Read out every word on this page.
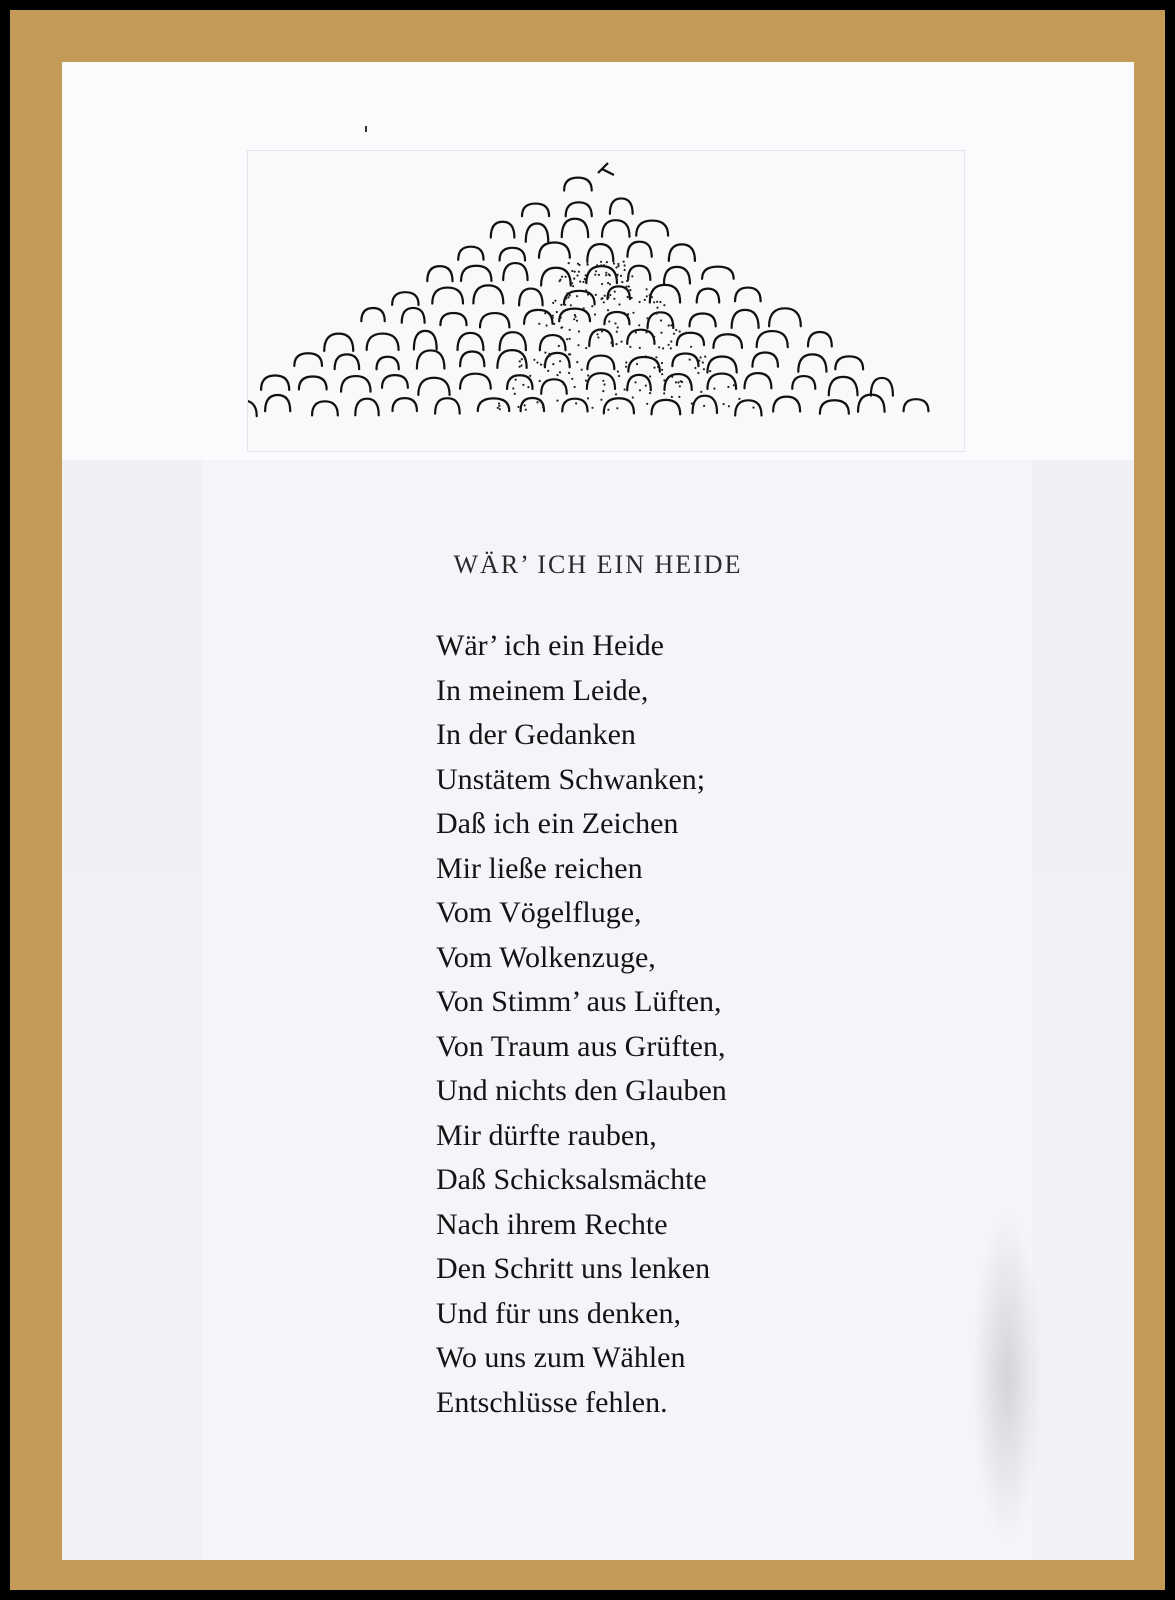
WÄR’ ICH EIN HEIDE
Wär’ ich ein Heide
In meinem Leide,
In der Gedanken
Unstätem Schwanken;
Daß ich ein Zeichen
Mir ließe reichen
Vom Vögelfluge,
Vom Wolkenzuge,
Von Stimm’ aus Lüften,
Von Traum aus Grüften,
Und nichts den Glauben
Mir dürfte rauben,
Daß Schicksalsmächte
Nach ihrem Rechte
Den Schritt uns lenken
Und für uns denken,
Wo uns zum Wählen
Entschlüsse fehlen.
